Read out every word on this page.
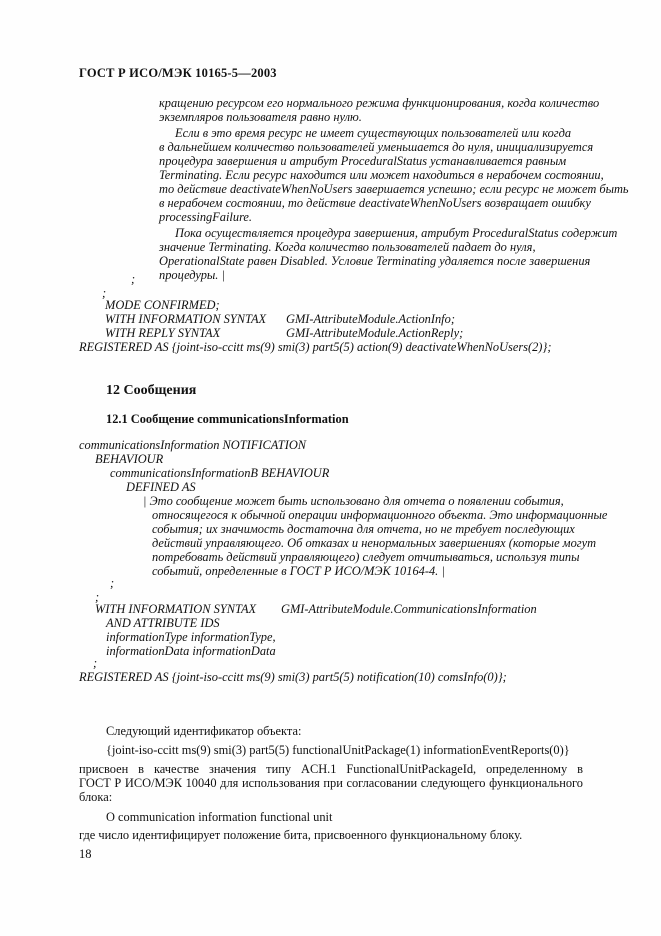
ГОСТ Р ИСО/МЭК 10165-5—2003
кращению ресурсом его нормального режима функционирования, когда количество
экземпляров пользователя равно нулю.
Если в это время ресурс не имеет существующих пользователей или когда
в дальнейшем количество пользователей уменьшается до нуля, инициализируется
процедура завершения и атрибут ProceduralStatus устанавливается равным
Terminating. Если ресурс находится или может находиться в нерабочем состоянии,
то действие deactivateWhenNoUsers завершается успешно; если ресурс не может быть
в нерабочем состоянии, то действие deactivateWhenNoUsers возвращает ошибку
processingFailure.
Пока осуществляется процедура завершения, атрибут ProceduralStatus содержит
значение Terminating. Когда количество пользователей падает до нуля,
OperationalState равен Disabled. Условие Terminating удаляется после завершения
процедуры. |
;
;
MODE CONFIRMED;
WITH INFORMATION SYNTAX GMI-AttributeModule.ActionInfo;
WITH REPLY SYNTAX	GMI-AttributeModule.ActionReply;
REGISTERED AS {joint-iso-ccitt ms(9) smi(3) part5(5) action(9) deactivateWhenNoUsers(2)};
12 Сообщения
12.1 Сообщение communicationsInformation
communicationsInformation NOTIFICATION
BEHAVIOUR
communicationsInformationB BEHAVIOUR
DEFINED AS
| Это сообщение может быть использовано для отчета о появлении события,
относящегося к обычной операции информационного объекта. Это информационные
события; их значимость достаточна для отчета, но не требует последующих
действий управляющего. Об отказах и ненормальных завершениях (которые могут
потребовать действий управляющего) следует отчитываться, используя типы
событий, определенные в ГОСТ Р ИСО/МЭК 10164-4. |
;
;
WITH INFORMATION SYNTAX GMI-AttributeModule.CommunicationsInformation
AND ATTRIBUTE IDS
informationType informationType,
informationData informationData
;
REGISTERED AS {joint-iso-ccitt ms(9) smi(3) part5(5) notification(10) comsInfo(0)};
Следующий идентификатор объекта:
{joint-iso-ccitt ms(9) smi(3) part5(5) functionalUnitPackage(1) informationEventReports(0)}
присвоен в качестве значения типу ACH.1 FunctionalUnitPackageId, определенному в
ГОСТ Р ИСО/МЭК 10040 для использования при согласовании следующего функционального
блока:
O communication information functional unit
где число идентифицирует положение бита, присвоенного функциональному блоку.
18
